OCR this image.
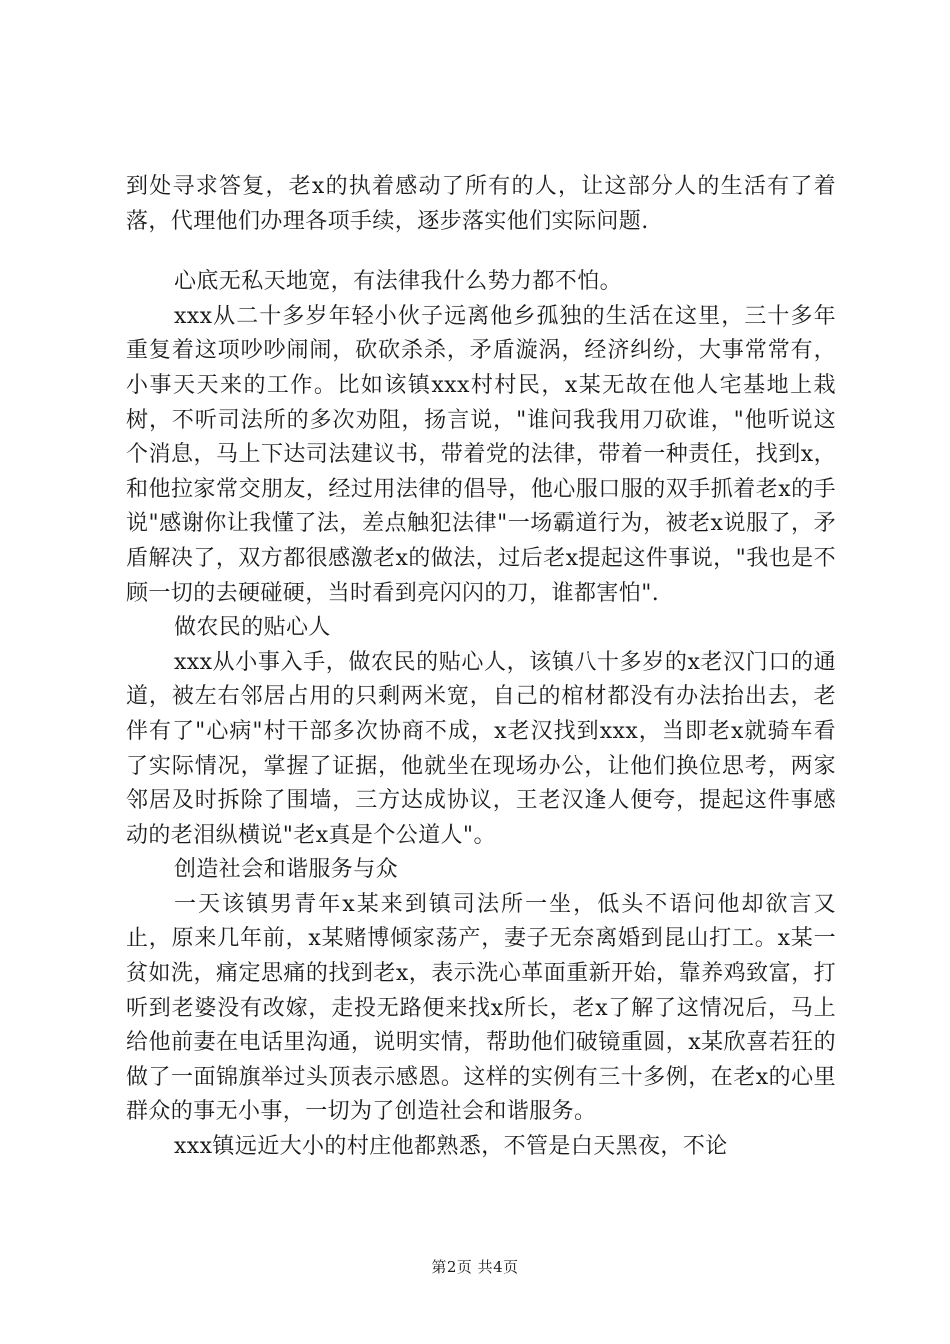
到处寻求答复，老x的执着感动了所有的人，让这部分人的生活有了着落，代理他们办理各项手续，逐步落实他们实际问题.

心底无私天地宽，有法律我什么势力都不怕。

xxx从二十多岁年轻小伙子远离他乡孤独的生活在这里，三十多年重复着这项吵吵闹闹，砍砍杀杀，矛盾漩涡，经济纠纷，大事常常有，小事天天来的工作。比如该镇xxx村村民，x某无故在他人宅基地上栽树，不听司法所的多次劝阻，扬言说，"谁问我我用刀砍谁，"他听说这个消息，马上下达司法建议书，带着党的法律，带着一种责任，找到x，和他拉家常交朋友，经过用法律的倡导，他心服口服的双手抓着老x的手说"感谢你让我懂了法，差点触犯法律"一场霸道行为，被老x说服了，矛盾解决了，双方都很感激老x的做法，过后老x提起这件事说，"我也是不顾一切的去硬碰硬，当时看到亮闪闪的刀，谁都害怕".

做农民的贴心人

xxx从小事入手，做农民的贴心人，该镇八十多岁的x老汉门口的通道，被左右邻居占用的只剩两米宽，自己的棺材都没有办法抬出去，老伴有了"心病"村干部多次协商不成，x老汉找到xxx，当即老x就骑车看了实际情况，掌握了证据，他就坐在现场办公，让他们换位思考，两家邻居及时拆除了围墙，三方达成协议，王老汉逢人便夸，提起这件事感动的老泪纵横说"老x真是个公道人"。

创造社会和谐服务与众

一天该镇男青年x某来到镇司法所一坐，低头不语问他却欲言又止，原来几年前，x某赌博倾家荡产，妻子无奈离婚到昆山打工。x某一贫如洗，痛定思痛的找到老x，表示洗心革面重新开始，靠养鸡致富，打听到老婆没有改嫁，走投无路便来找x所长，老x了解了这情况后，马上给他前妻在电话里沟通，说明实情，帮助他们破镜重圆，x某欣喜若狂的做了一面锦旗举过头顶表示感恩。这样的实例有三十多例，在老x的心里群众的事无小事，一切为了创造社会和谐服务。

xxx镇远近大小的村庄他都熟悉，不管是白天黑夜，不论

第2页 共4页
